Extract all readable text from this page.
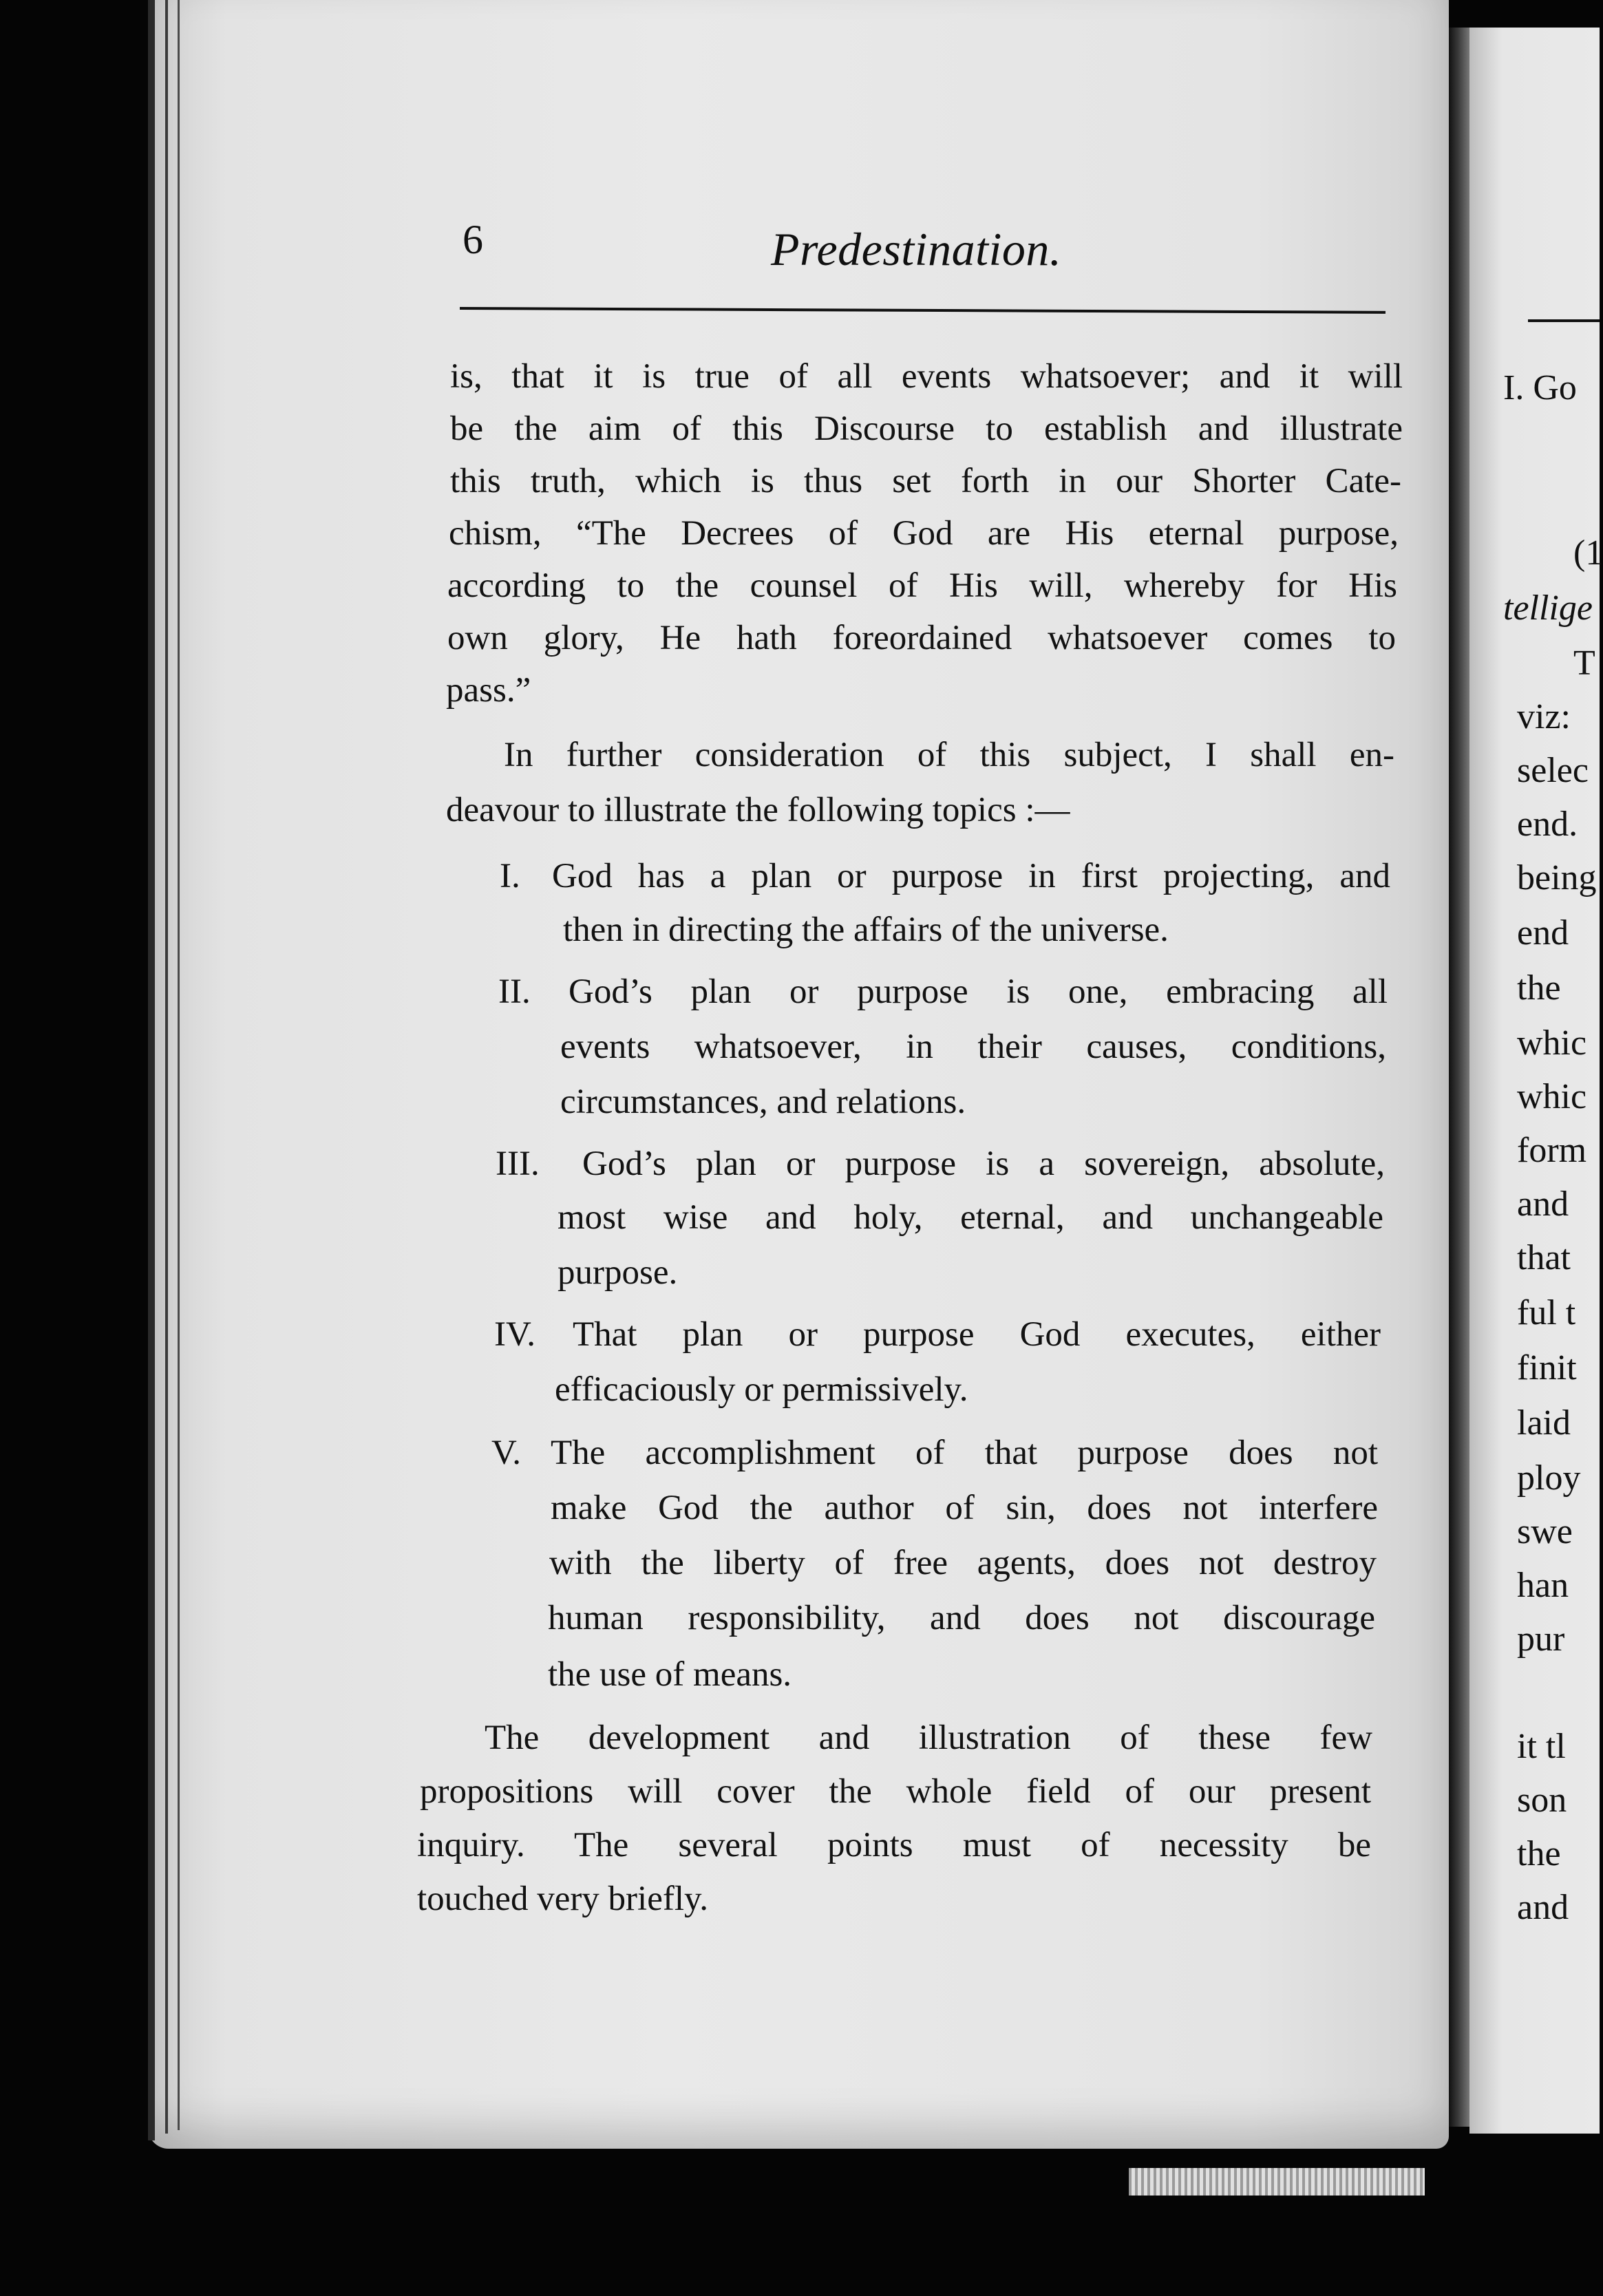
6	Predestination.
is, that it is true of all events whatsoever; and it will
be the aim of this Discourse to establish and illustrate
this truth, which is thus set forth in our Shorter Cate-
chism, “The Decrees of God are His eternal purpose,
according to the counsel of His will, whereby for His
own glory, He hath foreordained whatsoever comes to
pass.”
In further consideration of this subject, I shall en-
deavour to illustrate the following topics :—
I. God has a plan or purpose in first projecting, and
then in directing the affairs of the universe.
II. God’s plan or purpose is one, embracing all
events whatsoever, in their causes, conditions,
circumstances, and relations.
III. God’s plan or purpose is a sovereign, absolute,
most wise and holy, eternal, and unchangeable
purpose.
IV. That plan or purpose God executes, either
efficaciously or permissively.
V. The accomplishment of that purpose does not
make God the author of sin, does not interfere
with the liberty of free agents, does not destroy
human responsibility, and does not discourage
the use of means.
The development and illustration of these few
propositions will cover the whole field of our present
inquiry. The several points must of necessity be
touched very briefly.
I. Go
(1
tellige
T
viz:
selec
end.
being
end
the
whic
whic
form
and
that
ful t
finit
laid
ploy
swe
han
pur
it tl
son
the
and
